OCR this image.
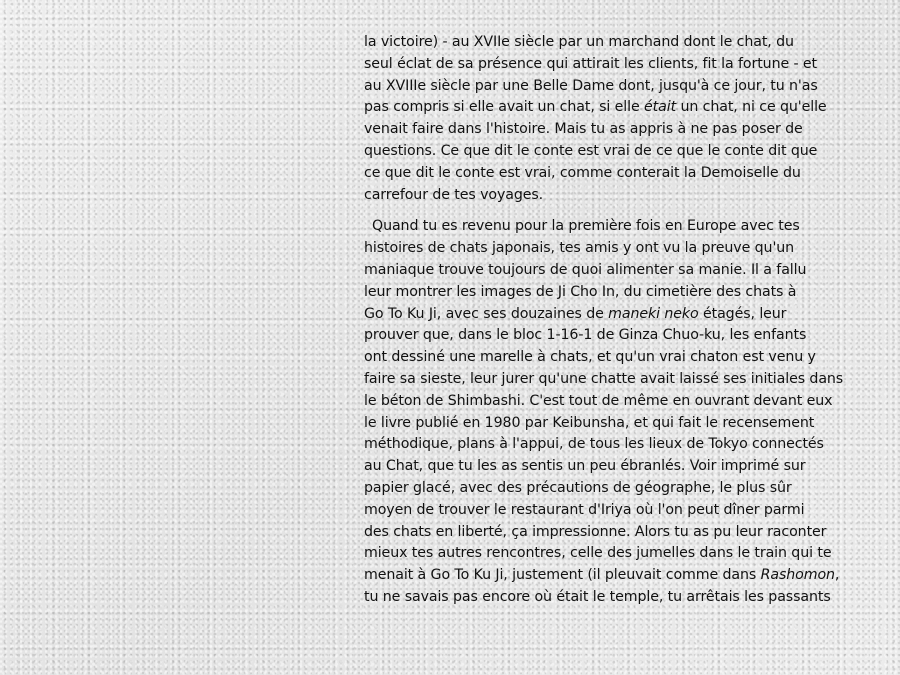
la victoire) - au XVIIe siècle par un marchand dont le chat, du
seul éclat de sa présence qui attirait les clients, fit la fortune - et
au XVIIIe siècle par une Belle Dame dont, jusqu'à ce jour, tu n'as
pas compris si elle avait un chat, si elle était un chat, ni ce qu'elle
venait faire dans l'histoire. Mais tu as appris à ne pas poser de
questions. Ce que dit le conte est vrai de ce que le conte dit que
ce que dit le conte est vrai, comme conterait la Demoiselle du
carrefour de tes voyages.

Quand tu es revenu pour la première fois en Europe avec tes
histoires de chats japonais, tes amis y ont vu la preuve qu'un
maniaque trouve toujours de quoi alimenter sa manie. Il a fallu
leur montrer les images de Ji Cho In, du cimetière des chats à
Go To Ku Ji, avec ses douzaines de maneki neko étagés, leur
prouver que, dans le bloc 1-16-1 de Ginza Chuo-ku, les enfants
ont dessiné une marelle à chats, et qu'un vrai chaton est venu y
faire sa sieste, leur jurer qu'une chatte avait laissé ses initiales dans
le béton de Shimbashi. C'est tout de même en ouvrant devant eux
le livre publié en 1980 par Keibunsha, et qui fait le recensement
méthodique, plans à l'appui, de tous les lieux de Tokyo connectés
au Chat, que tu les as sentis un peu ébranlés. Voir imprimé sur
papier glacé, avec des précautions de géographe, le plus sûr
moyen de trouver le restaurant d'Iriya où l'on peut dîner parmi
des chats en liberté, ça impressionne. Alors tu as pu leur raconter
mieux tes autres rencontres, celle des jumelles dans le train qui te
menait à Go To Ku Ji, justement (il pleuvait comme dans Rashomon,
tu ne savais pas encore où était le temple, tu arrêtais les passants
